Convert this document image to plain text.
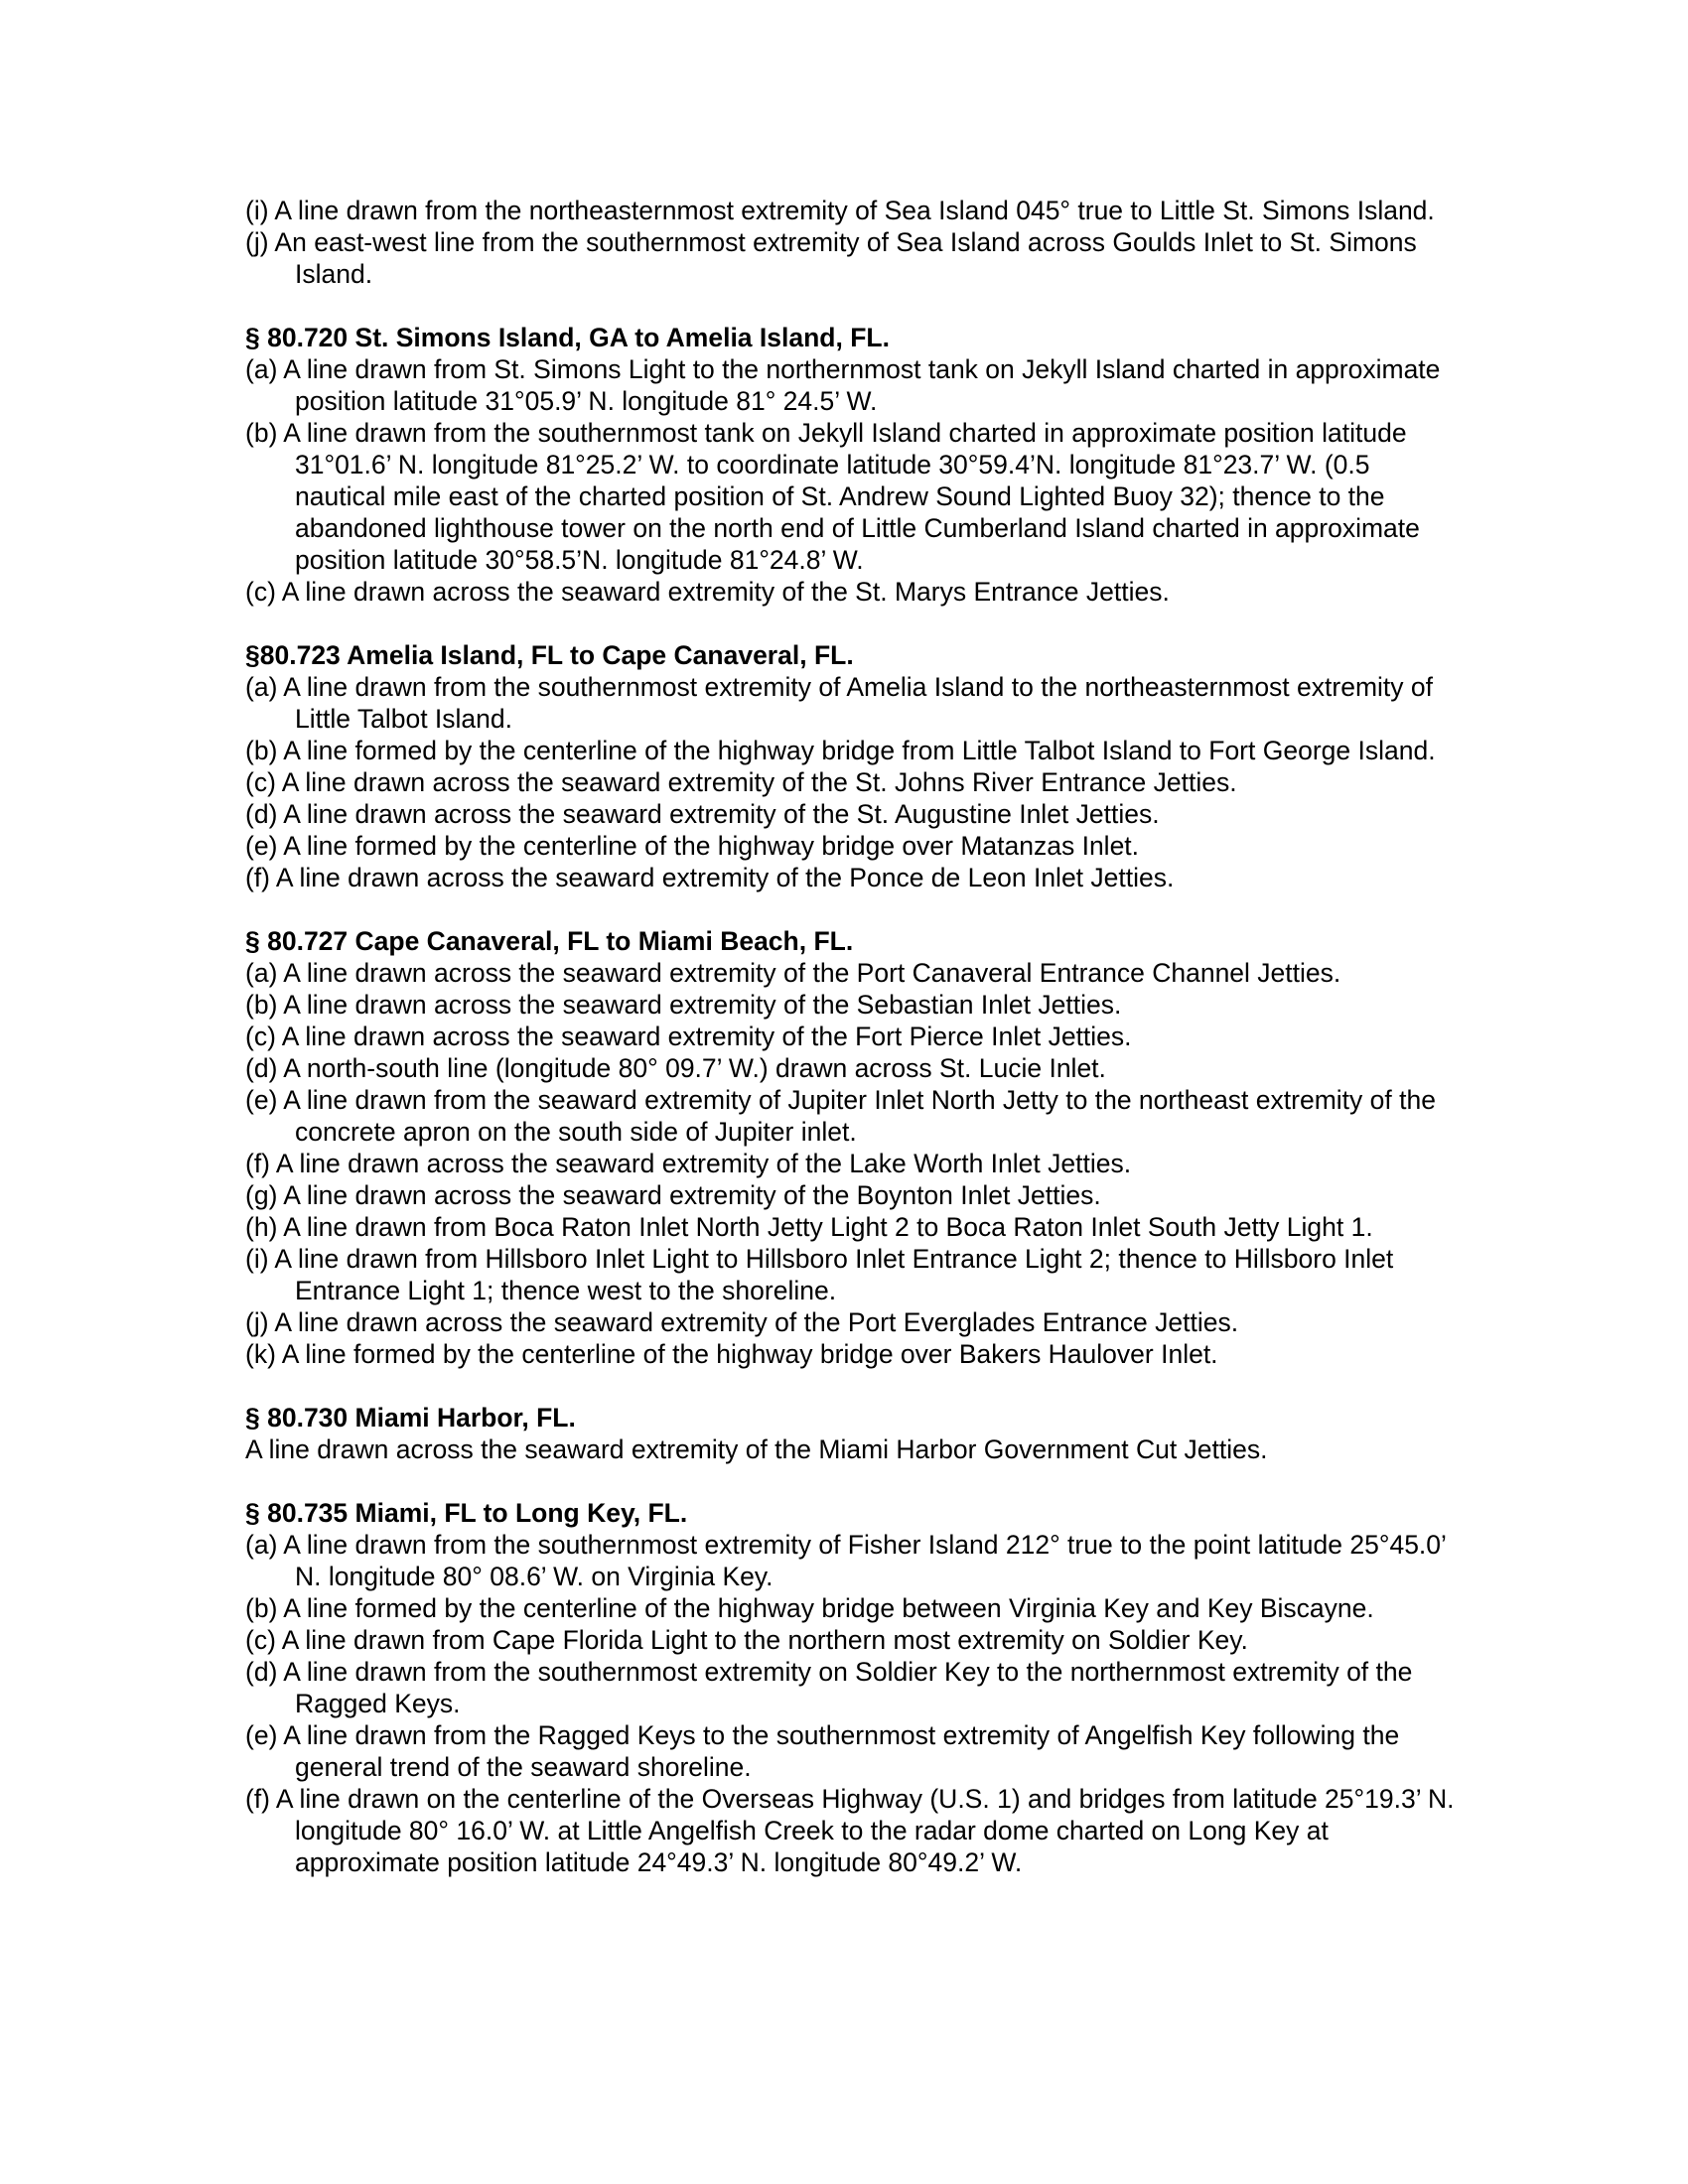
(i) A line drawn from the northeasternmost extremity of Sea Island 045° true to Little St. Simons Island.
(j) An east-west line from the southernmost extremity of Sea Island across Goulds Inlet to St. Simons Island.
§ 80.720 St. Simons Island, GA to Amelia Island, FL.
(a) A line drawn from St. Simons Light to the northernmost tank on Jekyll Island charted in approximate position latitude 31°05.9’ N. longitude 81° 24.5’ W.
(b) A line drawn from the southernmost tank on Jekyll Island charted in approximate position latitude 31°01.6’ N. longitude 81°25.2’ W. to coordinate latitude 30°59.4’N. longitude 81°23.7’ W. (0.5 nautical mile east of the charted position of St. Andrew Sound Lighted Buoy 32); thence to the abandoned lighthouse tower on the north end of Little Cumberland Island charted in approximate position latitude 30°58.5’N. longitude 81°24.8’ W.
(c) A line drawn across the seaward extremity of the St. Marys Entrance Jetties.
§80.723 Amelia Island, FL to Cape Canaveral, FL.
(a) A line drawn from the southernmost extremity of Amelia Island to the northeasternmost extremity of Little Talbot Island.
(b) A line formed by the centerline of the highway bridge from Little Talbot Island to Fort George Island.
(c) A line drawn across the seaward extremity of the St. Johns River Entrance Jetties.
(d) A line drawn across the seaward extremity of the St. Augustine Inlet Jetties.
(e) A line formed by the centerline of the highway bridge over Matanzas Inlet.
(f) A line drawn across the seaward extremity of the Ponce de Leon Inlet Jetties.
§ 80.727 Cape Canaveral, FL to Miami Beach, FL.
(a) A line drawn across the seaward extremity of the Port Canaveral Entrance Channel Jetties.
(b) A line drawn across the seaward extremity of the Sebastian Inlet Jetties.
(c) A line drawn across the seaward extremity of the Fort Pierce Inlet Jetties.
(d) A north-south line (longitude 80° 09.7’ W.) drawn across St. Lucie Inlet.
(e) A line drawn from the seaward extremity of Jupiter Inlet North Jetty to the northeast extremity of the concrete apron on the south side of Jupiter inlet.
(f) A line drawn across the seaward extremity of the Lake Worth Inlet Jetties.
(g) A line drawn across the seaward extremity of the Boynton Inlet Jetties.
(h) A line drawn from Boca Raton Inlet North Jetty Light 2 to Boca Raton Inlet South Jetty Light 1.
(i) A line drawn from Hillsboro Inlet Light to Hillsboro Inlet Entrance Light 2; thence to Hillsboro Inlet Entrance Light 1; thence west to the shoreline.
(j) A line drawn across the seaward extremity of the Port Everglades Entrance Jetties.
(k) A line formed by the centerline of the highway bridge over Bakers Haulover Inlet.
§ 80.730 Miami Harbor, FL.
A line drawn across the seaward extremity of the Miami Harbor Government Cut Jetties.
§ 80.735 Miami, FL to Long Key, FL.
(a) A line drawn from the southernmost extremity of Fisher Island 212° true to the point latitude 25°45.0’ N. longitude 80° 08.6’ W. on Virginia Key.
(b) A line formed by the centerline of the highway bridge between Virginia Key and Key Biscayne.
(c) A line drawn from Cape Florida Light to the northern most extremity on Soldier Key.
(d) A line drawn from the southernmost extremity on Soldier Key to the northernmost extremity of the Ragged Keys.
(e) A line drawn from the Ragged Keys to the southernmost extremity of Angelfish Key following the general trend of the seaward shoreline.
(f) A line drawn on the centerline of the Overseas Highway (U.S. 1) and bridges from latitude 25°19.3’ N. longitude 80° 16.0’ W. at Little Angelfish Creek to the radar dome charted on Long Key at approximate position latitude 24°49.3’ N. longitude 80°49.2’ W.
